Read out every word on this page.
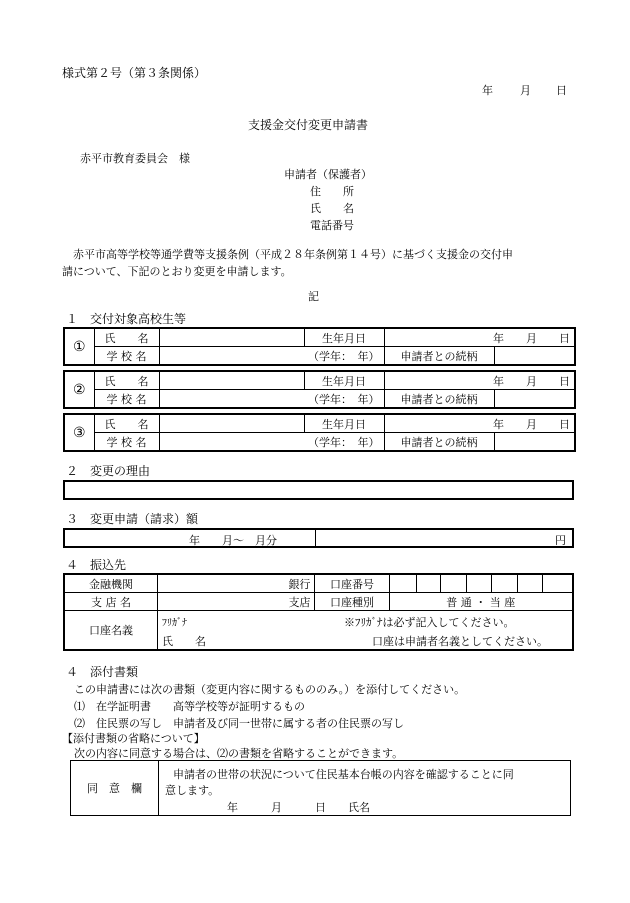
様式第２号（第３条関係）
年 月 日
支援金交付変更申請書
赤平市教育委員会　様
申請者（保護者）
住　　所
氏　　名
電話番号
　赤平市高等学校等通学費等支援条例（平成２８年条例第１４号）に基づく支援金の交付申
請について、下記のとおり変更を申請します。
記
１　交付対象高校生等
①	氏　　名		生年月日	年　　月　　日	
	学 校 名	（学年：　年）		申請者との続柄	
②	氏　　名		生年月日	年　　月　　日	
	学 校 名	（学年：　年）		申請者との続柄	
③	氏　　名		生年月日	年　　月　　日	
	学 校 名	（学年：　年）		申請者との続柄	
２　変更の理由
３　変更申請（請求）額
年　　月～　月分	円
４　振込先
金融機関	銀行	口座番号							
支 店 名	支店	口座種別	普 通 ・ 当 座						
口座名義	ﾌﾘｶﾞﾅ ※ﾌﾘｶﾞﾅは必ず記入してください。
氏　　名 口座は申請者名義としてください。								
４　添付書類
この申請書には次の書類（変更内容に関するもののみ。）を添付してください。
⑴　在学証明書　　高等学校等が証明するもの
⑵　住民票の写し　申請者及び同一世帯に属する者の住民票の写し
【添付書類の省略について】
次の内容に同意する場合は、⑵の書類を省略することができます。
同　意　欄	
申請者の世帯の状況について住民基本台帳の内容を確認することに同
意します。
年　　　月　　　日　　氏名
